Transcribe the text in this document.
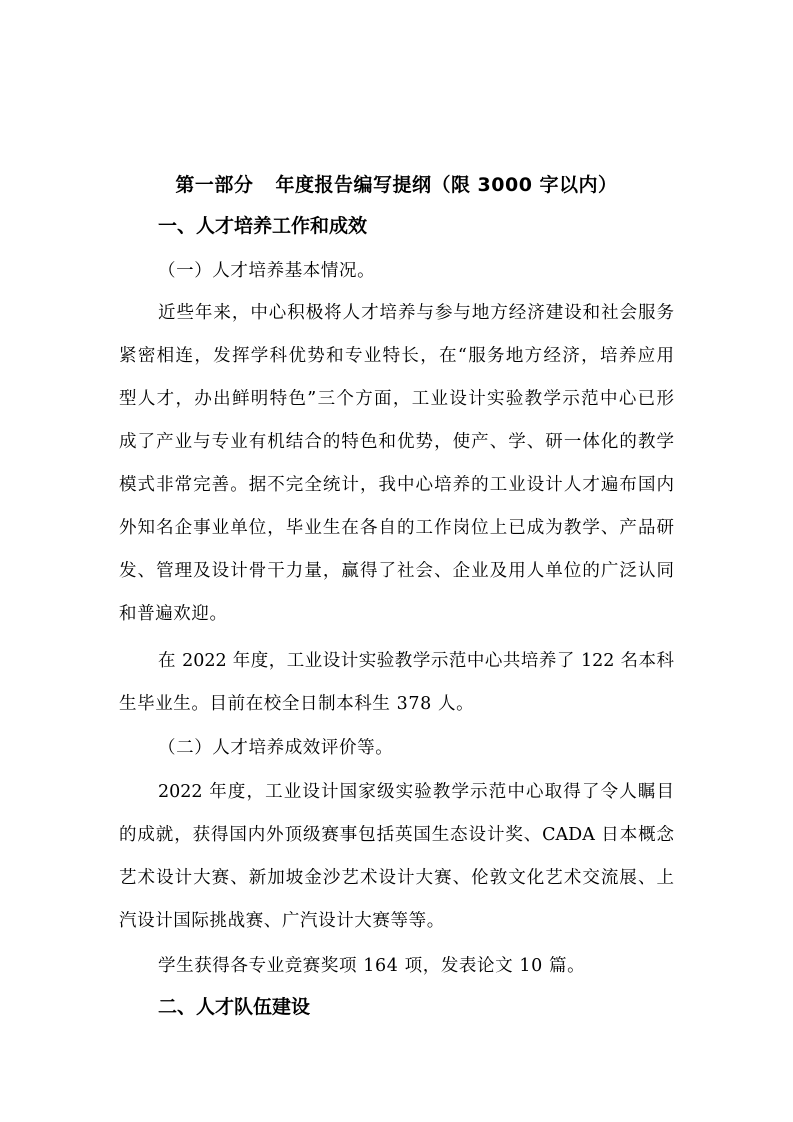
第一部分 年度报告编写提纲（限 3000 字以内）
一、人才培养工作和成效
（一）人才培养基本情况。
近些年来，中心积极将人才培养与参与地方经济建设和社会服务
紧密相连，发挥学科优势和专业特长，在“服务地方经济，培养应用
型人才，办出鲜明特色”三个方面，工业设计实验教学示范中心已形
成了产业与专业有机结合的特色和优势，使产、学、研一体化的教学
模式非常完善。据不完全统计，我中心培养的工业设计人才遍布国内
外知名企事业单位，毕业生在各自的工作岗位上已成为教学、产品研
发、管理及设计骨干力量，赢得了社会、企业及用人单位的广泛认同
和普遍欢迎。
在 2022 年度，工业设计实验教学示范中心共培养了 122 名本科
生毕业生。目前在校全日制本科生 378 人。
（二）人才培养成效评价等。
2022 年度，工业设计国家级实验教学示范中心取得了令人瞩目
的成就，获得国内外顶级赛事包括英国生态设计奖、CADA 日本概念
艺术设计大赛、新加坡金沙艺术设计大赛、伦敦文化艺术交流展、上
汽设计国际挑战赛、广汽设计大赛等等。
学生获得各专业竞赛奖项 164 项，发表论文 10 篇。
二、人才队伍建设
